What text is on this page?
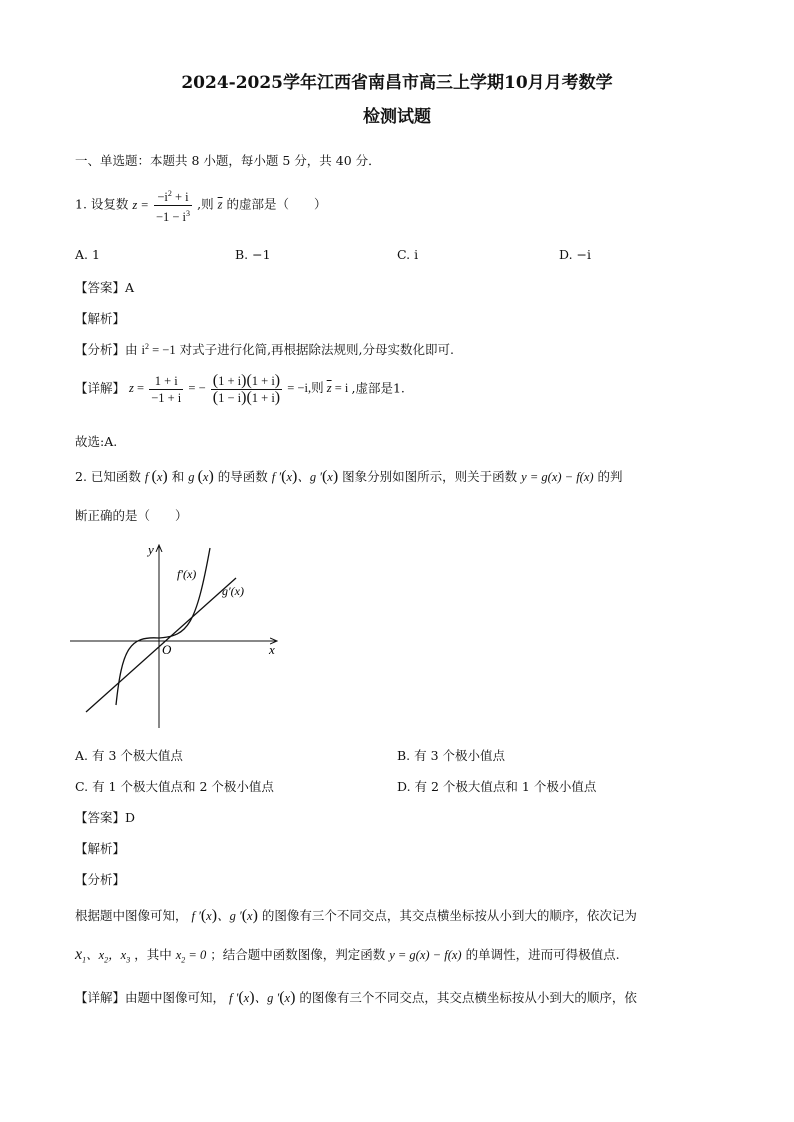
2024-2025学年江西省南昌市高三上学期10月月考数学
检测试题
一、单选题：本题共 8 小题，每小题 5 分，共 40 分．
1. 设复数 $z = \frac{-i^2 + i}{-1 - i^3}$ ,则 $\overline{z}$ 的虚部是（　　）
A. 1	B. −1	C. i	D. −i
【答案】A
【解析】
【分析】由 $i^2 = -1$ 对式子进行化简,再根据除法规则,分母实数化即可.
【详解】 $z = \frac{1 + i}{-1 + i}$ = − $\frac{(1 + i)(1 + i)}{(1 - i)(1 + i)} = -i$,则 $\overline{z} = i$ ,虚部是1.
故选:A.
2. 已知函数 f (x) 和 g (x) 的导函数 f ′(x)、g ′(x) 图象分别如图所示，则关于函数 y = g(x) − f(x) 的判
断正确的是（　　）
y
x
O
f′(x)
g′(x)
A. 有 3 个极大值点	B. 有 3 个极小值点
C. 有 1 个极大值点和 2 个极小值点	D. 有 2 个极大值点和 1 个极小值点
【答案】D
【解析】
【分析】
根据题中图像可知， f ′(x)、g ′(x) 的图像有三个不同交点，其交点横坐标按从小到大的顺序，依次记为
$x_1$、$x_2$，$x_3$ ，其中 $x_2 = 0$ ；结合题中函数图像，判定函数 y = g(x) − f(x) 的单调性，进而可得极值点.
【详解】由题中图像可知， f ′(x)、g ′(x) 的图像有三个不同交点，其交点横坐标按从小到大的顺序，依
